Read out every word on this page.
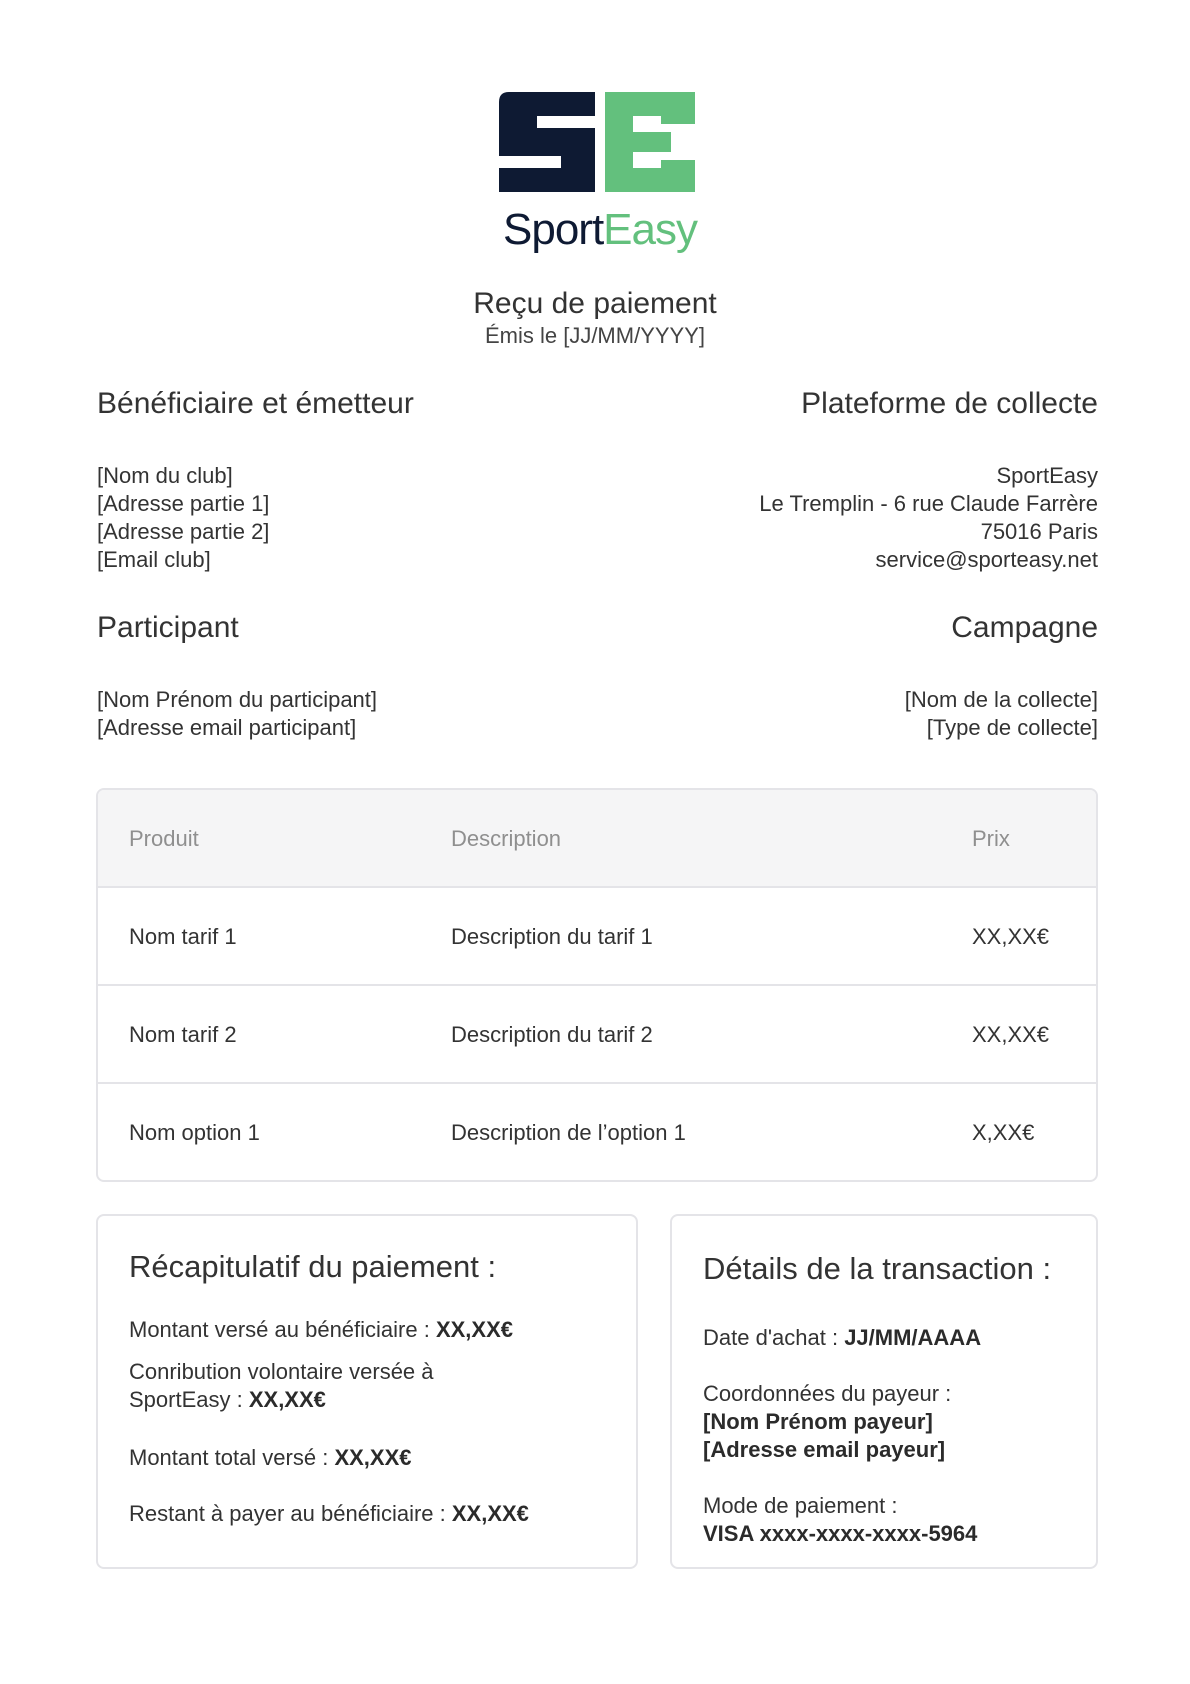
SportEasy
Reçu de paiement
Émis le [JJ/MM/YYYY]
Bénéficiaire et émetteur
[Nom du club]
[Adresse partie 1]
[Adresse partie 2]
[Email club]
Plateforme de collecte
SportEasy
Le Tremplin - 6 rue Claude Farrère
75016 Paris
service@sporteasy.net
Participant
[Nom Prénom du participant]
[Adresse email participant]
Campagne
[Nom de la collecte]
[Type de collecte]
Produit	Description	Prix
Nom tarif 1	Description du tarif 1	XX,XX€
Nom tarif 2	Description du tarif 2	XX,XX€
Nom option 1	Description de l’option 1	X,XX€
Récapitulatif du paiement :
Montant versé au bénéficiaire : XX,XX€
Conribution volontaire versée à
SportEasy : XX,XX€
Montant total versé : XX,XX€
Restant à payer au bénéficiaire : XX,XX€
Détails de la transaction :
Date d'achat : JJ/MM/AAAA
Coordonnées du payeur :
[Nom Prénom payeur]
[Adresse email payeur]
Mode de paiement :
VISA xxxx-xxxx-xxxx-5964
